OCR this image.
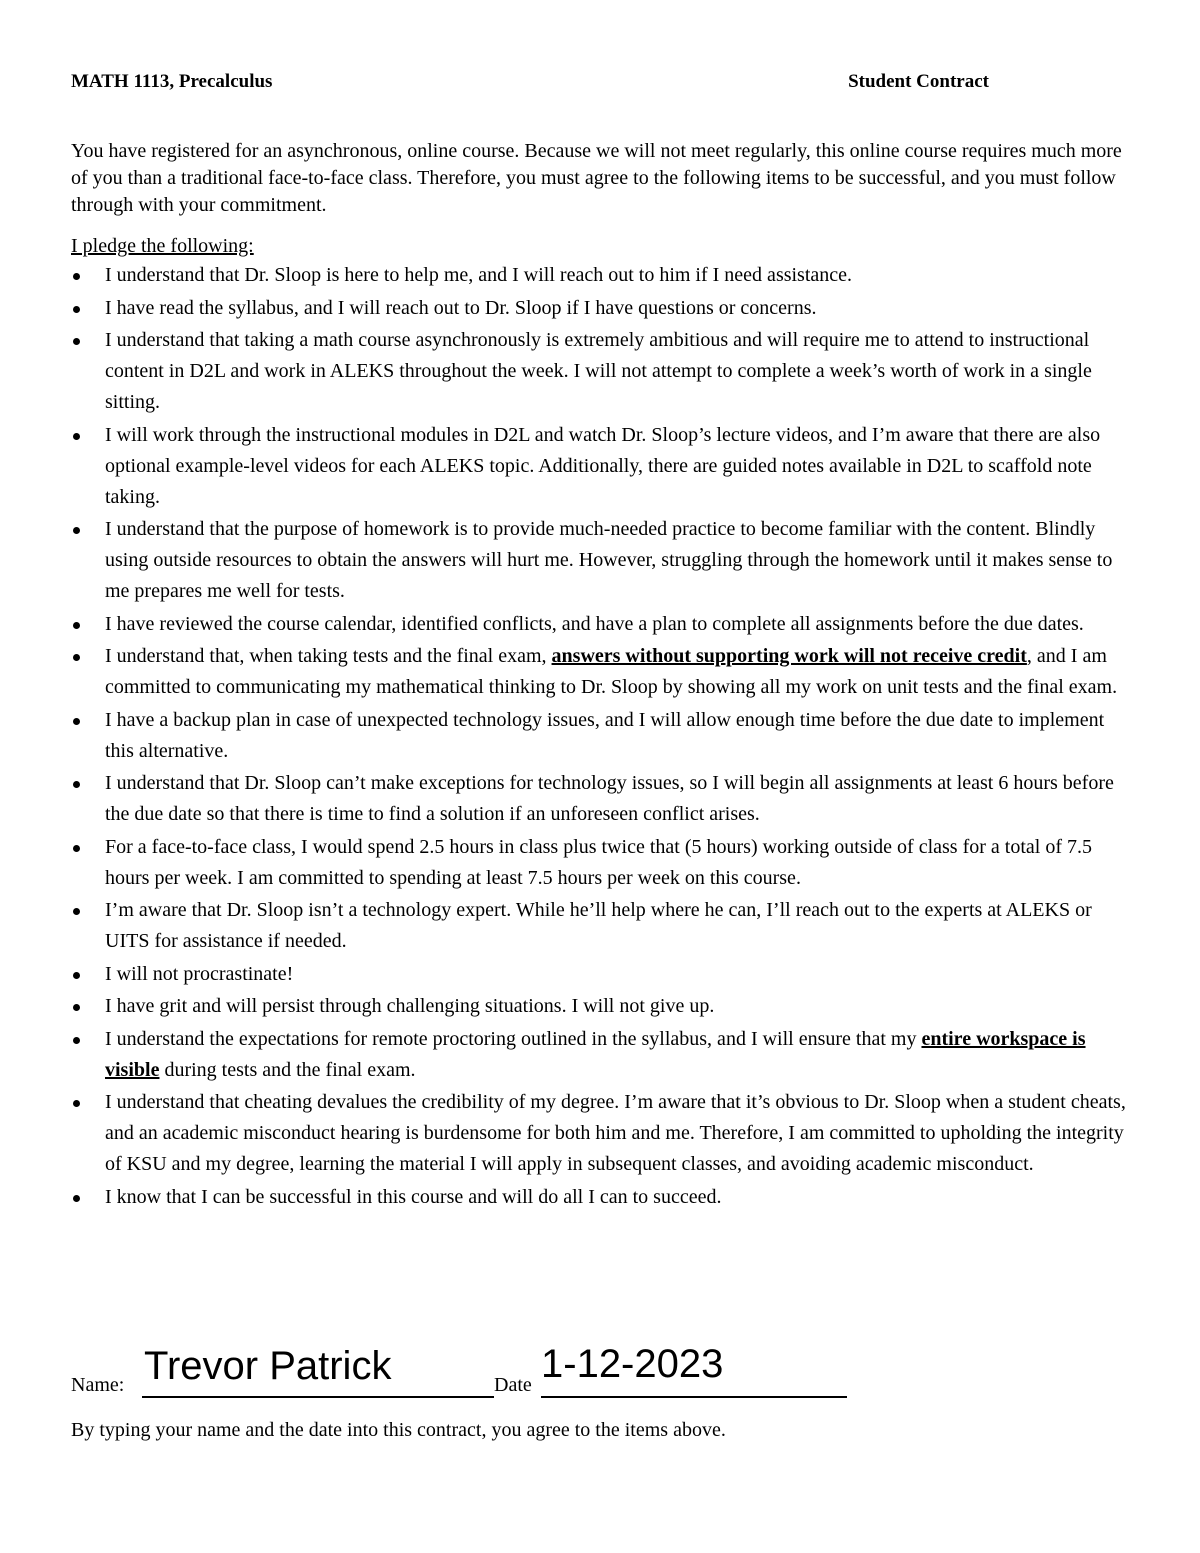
MATH 1113, Precalculus	Student Contract

You have registered for an asynchronous, online course. Because we will not meet regularly, this online course requires much more of you than a traditional face-to-face class. Therefore, you must agree to the following items to be successful, and you must follow through with your commitment.

I pledge the following:

I understand that Dr. Sloop is here to help me, and I will reach out to him if I need assistance.
I have read the syllabus, and I will reach out to Dr. Sloop if I have questions or concerns.
I understand that taking a math course asynchronously is extremely ambitious and will require me to attend to instructional content in D2L and work in ALEKS throughout the week. I will not attempt to complete a week’s worth of work in a single sitting.
I will work through the instructional modules in D2L and watch Dr. Sloop’s lecture videos, and I’m aware that there are also optional example-level videos for each ALEKS topic. Additionally, there are guided notes available in D2L to scaffold note taking.
I understand that the purpose of homework is to provide much-needed practice to become familiar with the content. Blindly using outside resources to obtain the answers will hurt me. However, struggling through the homework until it makes sense to me prepares me well for tests.
I have reviewed the course calendar, identified conflicts, and have a plan to complete all assignments before the due dates.
I understand that, when taking tests and the final exam, answers without supporting work will not receive credit, and I am committed to communicating my mathematical thinking to Dr. Sloop by showing all my work on unit tests and the final exam.
I have a backup plan in case of unexpected technology issues, and I will allow enough time before the due date to implement this alternative.
I understand that Dr. Sloop can’t make exceptions for technology issues, so I will begin all assignments at least 6 hours before the due date so that there is time to find a solution if an unforeseen conflict arises.
For a face-to-face class, I would spend 2.5 hours in class plus twice that (5 hours) working outside of class for a total of 7.5 hours per week. I am committed to spending at least 7.5 hours per week on this course.
I’m aware that Dr. Sloop isn’t a technology expert. While he’ll help where he can, I’ll reach out to the experts at ALEKS or UITS for assistance if needed.
I will not procrastinate!
I have grit and will persist through challenging situations. I will not give up.
I understand the expectations for remote proctoring outlined in the syllabus, and I will ensure that my entire workspace is visible during tests and the final exam.
I understand that cheating devalues the credibility of my degree. I’m aware that it’s obvious to Dr. Sloop when a student cheats, and an academic misconduct hearing is burdensome for both him and me. Therefore, I am committed to upholding the integrity of KSU and my degree, learning the material I will apply in subsequent classes, and avoiding academic misconduct.
I know that I can be successful in this course and will do all I can to succeed.
Name: Trevor Patrick	Date 1-12-2023

By typing your name and the date into this contract, you agree to the items above.
